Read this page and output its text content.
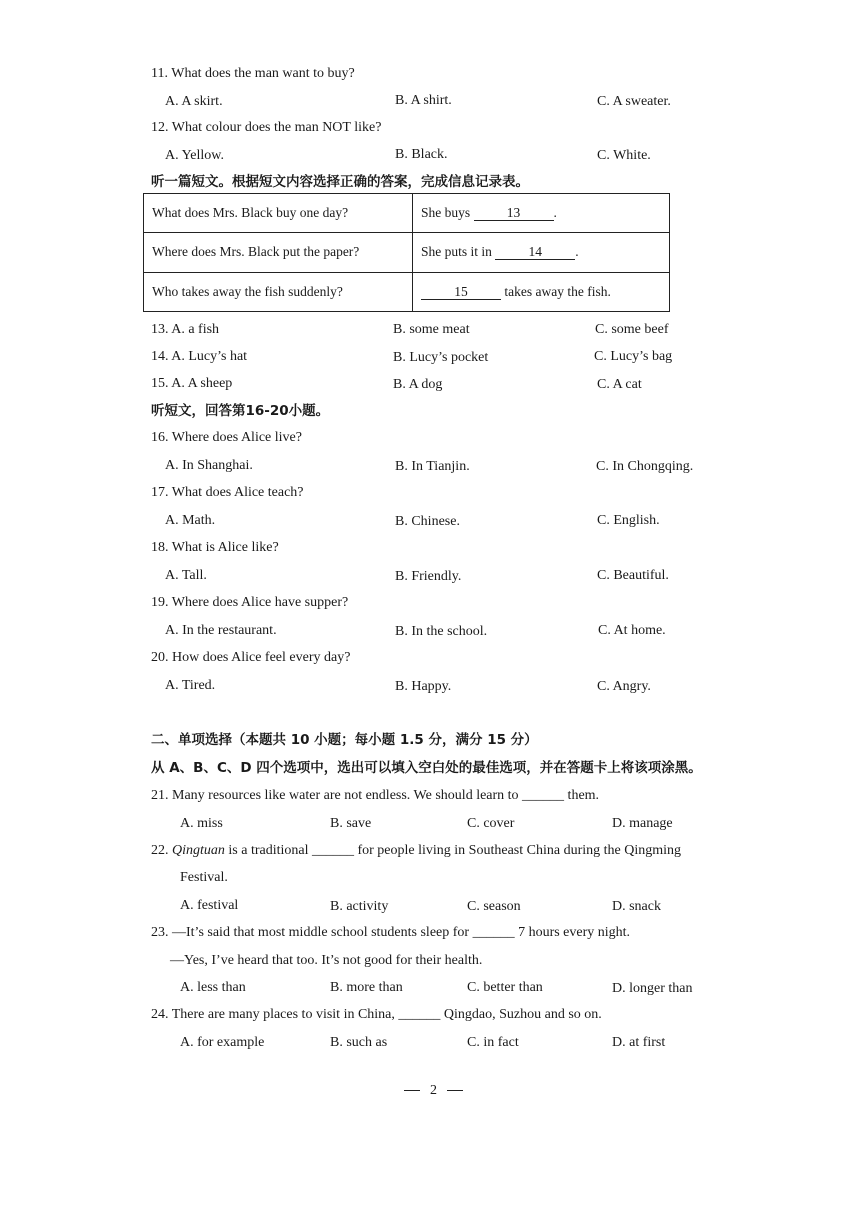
11. What does the man want to buy?
A. A skirt.	B. A shirt.	C. A sweater.
12. What colour does the man NOT like?
A. Yellow.	B. Black.	C. White.
听一篇短文。根据短文内容选择正确的答案，完成信息记录表。
What does Mrs. Black buy one day?	She buys 13 .
Where does Mrs. Black put the paper?	She puts it in 14 .
Who takes away the fish suddenly?	15 takes away the fish.
13. A. a fish	B. some meat	C. some beef
14. A. Lucy’s hat	B. Lucy’s pocket	C. Lucy’s bag
15. A. A sheep	B. A dog	C. A cat
听短文，回答第16-20小题。
16. Where does Alice live?
A. In Shanghai.	B. In Tianjin.	C. In Chongqing.
17. What does Alice teach?
A. Math.	B. Chinese.	C. English.
18. What is Alice like?
A. Tall.	B. Friendly.	C. Beautiful.
19. Where does Alice have supper?
A. In the restaurant.	B. In the school.	C. At home.
20. How does Alice feel every day?
A. Tired.	B. Happy.	C. Angry.
二、单项选择（本题共 10 小题；每小题 1.5 分，满分 15 分）
从 A、B、C、D 四个选项中，选出可以填入空白处的最佳选项，并在答题卡上将该项涂黑。
21. Many resources like water are not endless. We should learn to ______ them.
A. miss	B. save	C. cover	D. manage
22. Qingtuan is a traditional ______ for people living in Southeast China during the Qingming
Festival.
A. festival	B. activity	C. season	D. snack
23. —It’s said that most middle school students sleep for ______ 7 hours every night.
—Yes, I’ve heard that too. It’s not good for their health.
A. less than	B. more than	C. better than	D. longer than
24. There are many places to visit in China, ______ Qingdao, Suzhou and so on.
A. for example	B. such as	C. in fact	D. at first
2
